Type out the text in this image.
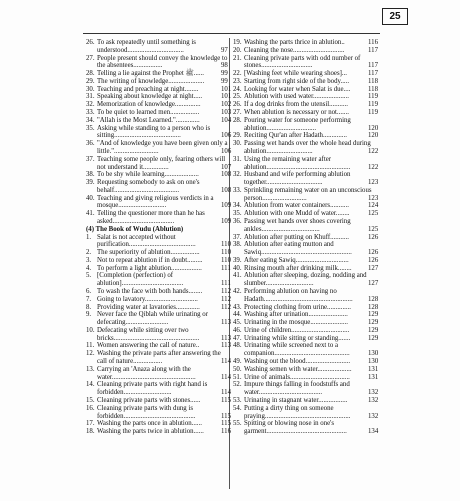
25
26. To ask repeatedly until something is understood.................................	97
27. People present should convey the knowledge to the absentees.................	98
28. Telling a lie against the Prophet ﷺ...... 99
29. The writing of knowledge..................... 99
30. Teaching and preaching at night........	101
31. Speaking about knowledge at night.....	101
32. Memorization of knowledge...............	102
33. To be quiet to learned men.................	103
34. "Allah is the Most Learned."..............	104
35. Asking while standing to a person who is sitting.......................................	106
36. "And of knowledge you have been given only a little."..........................	106
37. Teaching some people only, fearing others will not understand it...............	107
38. To be shy while learning....................	108
39. Requesting somebody to ask on one's behalf......................................	108
40. Teaching and giving religious verdicts in a mosque............................	109
41. Telling the questioner more than he has asked....................................	109
(4) The Book of Wudu (Ablution)
1. Salat is not accepted without purification.......................................	110
2. The superiority of ablution.................	110
3. Not to repeat ablution if in doubt.........	110
4. To perform a light ablution..................	111
5. [Completion (perfection) of ablution]....................................	111
6. To wash the face with both hands........	112
7. Going to lavatory...............................	112
8. Providing water at lavatories..............	112
9. Never face the Qiblah while urinating or defecating.........................	113
10. Defecating while sitting over two bricks..................................................	113
11. Women answering the call of nature..	113
12. Washing the private parts after answering the call of nature.................	114
13. Carrying an 'Anaza along with the water.................................................	114
14. Cleaning private parts with right hand is forbidden............................	114
15. Cleaning private parts with stones......	115
16. Cleaning private parts with dung is forbidden..........................................	115
17. Washing the parts once in ablution......	115
18. Washing the parts twice in ablution......	116
19. Washing the parts thrice in ablution..	116
20. Cleaning the nose..............................	117
21. Cleaning private parts with odd number of stones..............................	117
22. [Washing feet while wearing shoes]...	117
23. Starting from right side of the body.....	118
24. Looking for water when Salat is due....	118
25. Ablution with used water.....................	119
26. If a dog drinks from the utensil...........	119
27. When ablution is necessary or not.......	119
28. Pouring water for someone performing ablution.............................	120
29. Reciting Qur'an after Hadath..............	120
30. Passing wet hands over the whole head during ablution...........................	122
31. Using the remaining water after ablution.................................................	122
32. Husband and wife performing ablution together.................................	123
33. Sprinkling remaining water on an unconscious person..........................	123
34. Ablution from water containers...........	124
35. Ablution with one Mudd of water........	125
36. Passing wet hands over shoes covering ankles..................................	125
37. Ablution after putting on Khuff...........	126
38. Ablution after eating mutton and Sawiq..................................................... 126
39. After eating Sawiq...............................	126
40. Rinsing mouth after drinking milk........ 127
41. Ablution after sleeping, dozing, nodding and slumber............................	127
42. Performing ablution on having no Hadath.................................................... 128
43. Protecting clothing from urine.............. 128
44. Washing after urination.......................	129
45. Urinating in the mosque......................	129
46. Urine of children..................................	129
47. Urinating while sitting or standing.......	129
48. Urinating while screened next to a companion............................................	130
49. Washing out the blood..........................	130
50. Washing semen with water.................... 131
51. Urine of animals...................................	131
52. Impure things falling in foodstuffs and water.....................................	132
53. Urinating in stagnant water.................	132
54. Putting a dirty thing on someone praying..................................................	132
55. Spitting or blowing nose in one's garment...............................................	134
